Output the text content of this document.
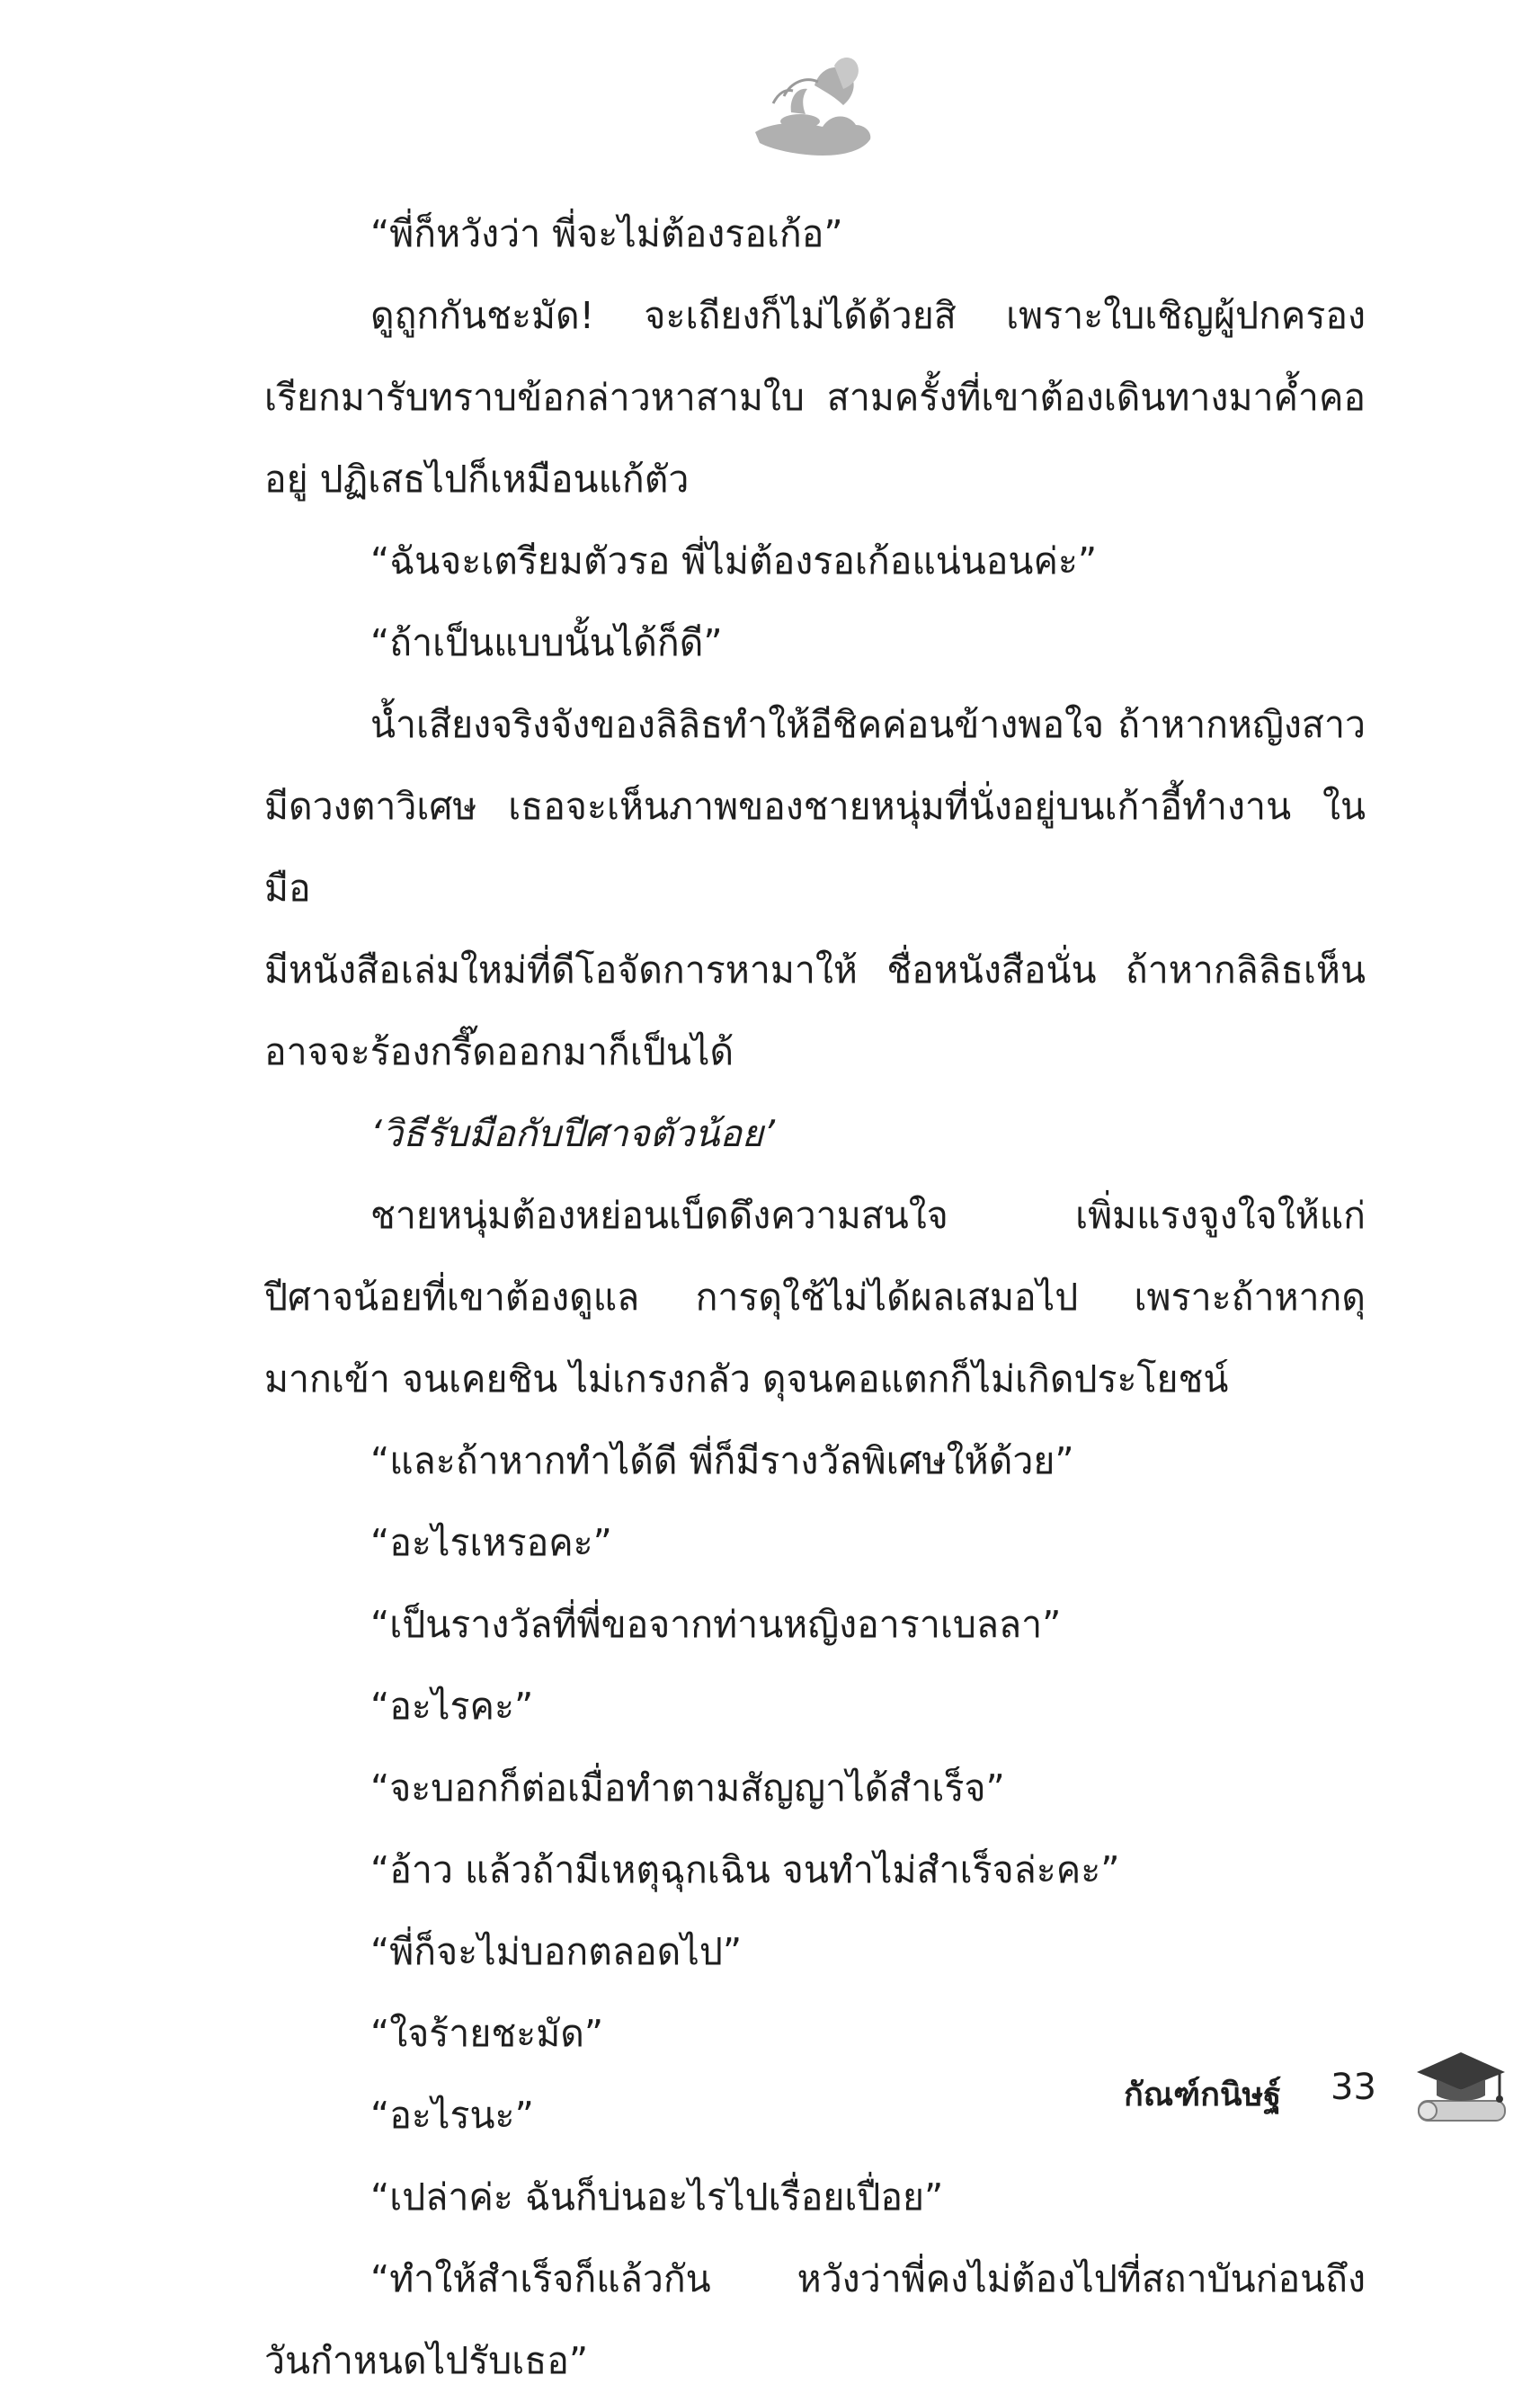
“พี่ก็หวังว่า พี่จะไม่ต้องรอเก้อ”

ดูถูกกันชะมัด! จะเถียงก็ไม่ได้ด้วยสิ เพราะใบเชิญผู้ปกครอง

เรียกมารับทราบข้อกล่าวหาสามใบ สามครั้งที่เขาต้องเดินทางมาค้ำคอ

อยู่ ปฏิเสธไปก็เหมือนแก้ตัว

“ฉันจะเตรียมตัวรอ พี่ไม่ต้องรอเก้อแน่นอนค่ะ”

“ถ้าเป็นแบบนั้นได้ก็ดี”

น้ำเสียงจริงจังของลิลิธทำให้อีชิคค่อนข้างพอใจ ถ้าหากหญิงสาว

มีดวงตาวิเศษ เธอจะเห็นภาพของชายหนุ่มที่นั่งอยู่บนเก้าอี้ทำงาน ในมือ

มีหนังสือเล่มใหม่ที่ดีโอจัดการหามาให้ ชื่อหนังสือนั่น ถ้าหากลิลิธเห็น

อาจจะร้องกรี๊ดออกมาก็เป็นได้

‘วิธีรับมือกับปีศาจตัวน้อย’

ชายหนุ่มต้องหย่อนเบ็ดดึงความสนใจ เพิ่มแรงจูงใจให้แก่

ปีศาจน้อยที่เขาต้องดูแล การดุใช้ไม่ได้ผลเสมอไป เพราะถ้าหากดุ

มากเข้า จนเคยชิน ไม่เกรงกลัว ดุจนคอแตกก็ไม่เกิดประโยชน์

“และถ้าหากทำได้ดี พี่ก็มีรางวัลพิเศษให้ด้วย”

“อะไรเหรอคะ”

“เป็นรางวัลที่พี่ขอจากท่านหญิงอาราเบลลา”

“อะไรคะ”

“จะบอกก็ต่อเมื่อทำตามสัญญาได้สำเร็จ”

“อ้าว แล้วถ้ามีเหตุฉุกเฉิน จนทำไม่สำเร็จล่ะคะ”

“พี่ก็จะไม่บอกตลอดไป”

“ใจร้ายชะมัด”

“อะไรนะ”

“เปล่าค่ะ ฉันก็บ่นอะไรไปเรื่อยเปื่อย”

“ทำให้สำเร็จก็แล้วกัน หวังว่าพี่คงไม่ต้องไปที่สถาบันก่อนถึง

วันกำหนดไปรับเธอ”

กัณฑ์กนิษฐ์ 33
